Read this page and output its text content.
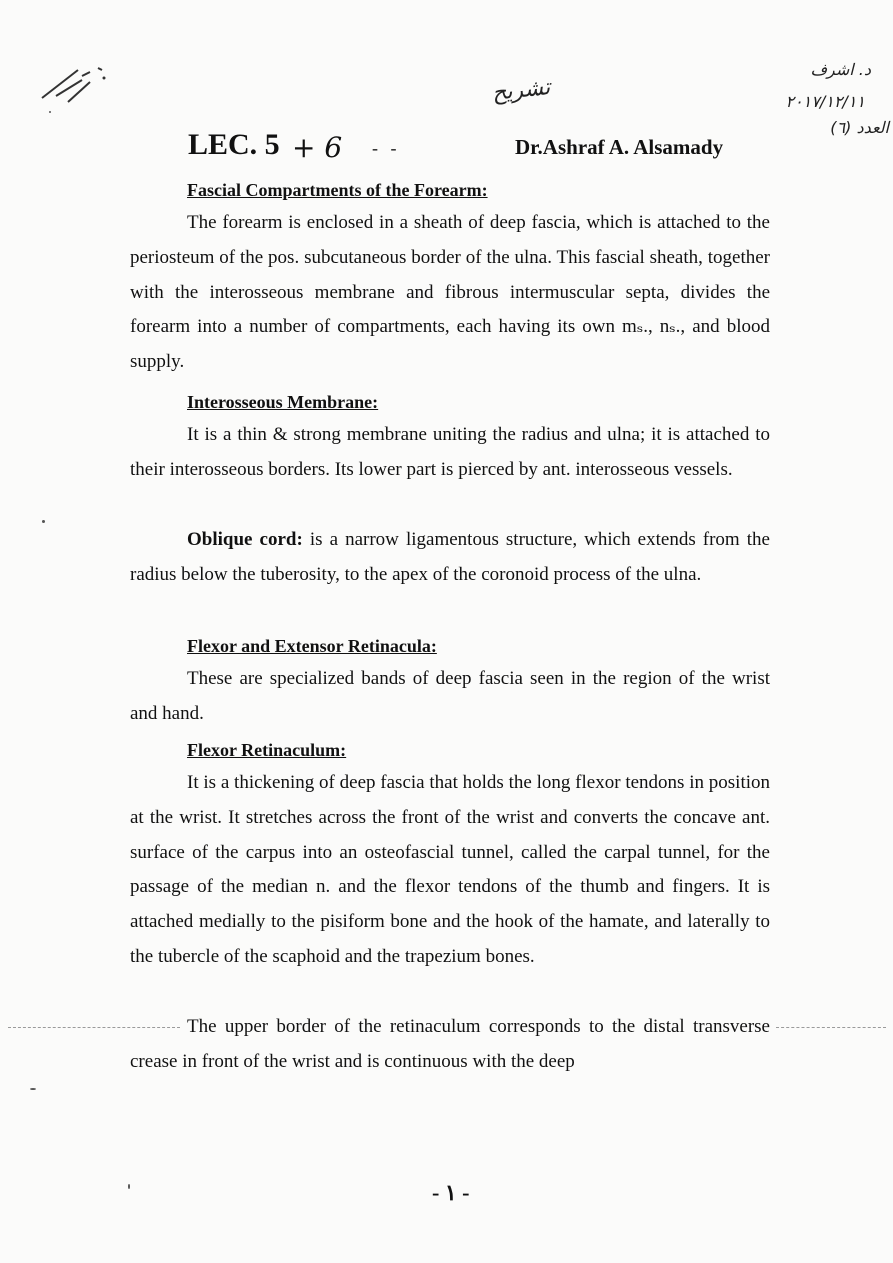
تشريح
د. اشرف
٢٠١٧/١٢/١١
العدد (٦)
LEC. 5 + 6 - -	Dr.Ashraf A. Alsamady
Fascial Compartments of the Forearm:

The forearm is enclosed in a sheath of deep fascia, which is attached to the periosteum of the pos. subcutaneous border of the ulna. This fascial sheath, together with the interosseous membrane and fibrous intermuscular septa, divides the forearm into a number of compartments, each having its own mₛ., nₛ., and blood supply.

Interosseous Membrane:

It is a thin & strong membrane uniting the radius and ulna; it is attached to their interosseous borders. Its lower part is pierced by ant. interosseous vessels.

Oblique cord: is a narrow ligamentous structure, which extends from the radius below the tuberosity, to the apex of the coronoid process of the ulna.

Flexor and Extensor Retinacula:

These are specialized bands of deep fascia seen in the region of the wrist and hand.

Flexor Retinaculum:

It is a thickening of deep fascia that holds the long flexor tendons in position at the wrist. It stretches across the front of the wrist and converts the concave ant. surface of the carpus into an osteofascial tunnel, called the carpal tunnel, for the passage of the median n. and the flexor tendons of the thumb and fingers. It is attached medially to the pisiform bone and the hook of the hamate, and laterally to the tubercle of the scaphoid and the trapezium bones.

The upper border of the retinaculum corresponds to the distal transverse crease in front of the wrist and is continuous with the deep

- ١ -
